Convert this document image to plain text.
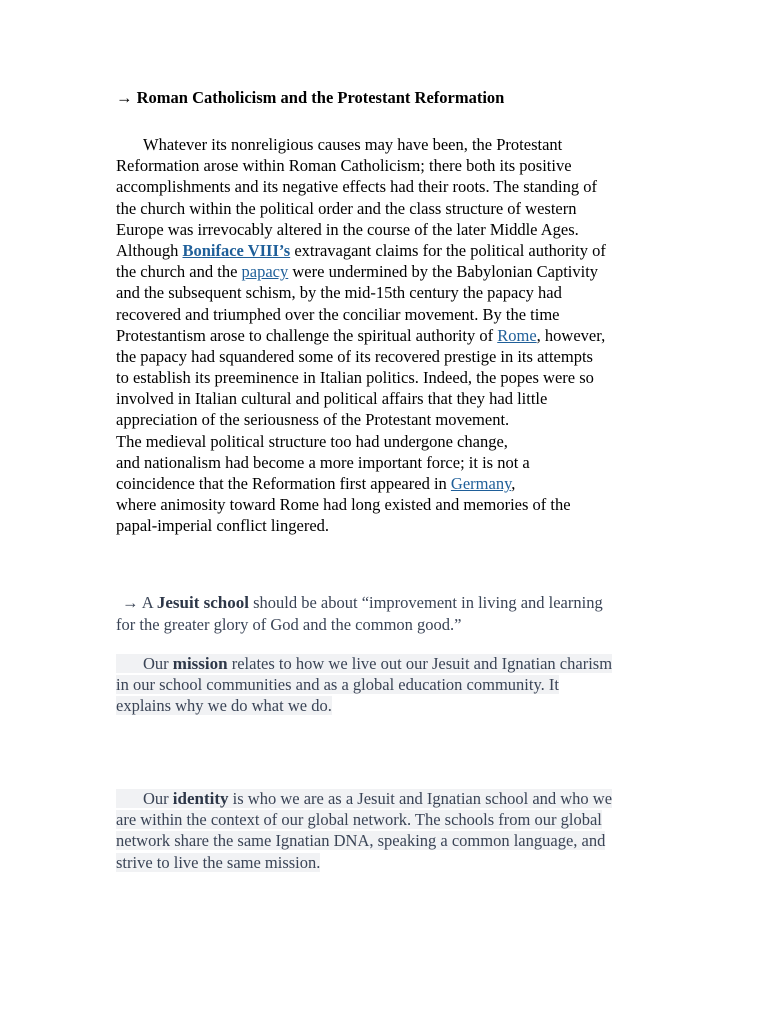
→ Roman Catholicism and the Protestant Reformation
Whatever its nonreligious causes may have been, the Protestant
Reformation arose within Roman Catholicism; there both its positive
accomplishments and its negative effects had their roots. The standing of
the church within the political order and the class structure of western
Europe was irrevocably altered in the course of the later Middle Ages.
Although Boniface VIII’s extravagant claims for the political authority of
the church and the papacy were undermined by the Babylonian Captivity
and the subsequent schism, by the mid-15th century the papacy had
recovered and triumphed over the conciliar movement. By the time
Protestantism arose to challenge the spiritual authority of Rome, however,
the papacy had squandered some of its recovered prestige in its attempts
to establish its preeminence in Italian politics. Indeed, the popes were so
involved in Italian cultural and political affairs that they had little
appreciation of the seriousness of the Protestant movement.
The medieval political structure too had undergone change,
and nationalism had become a more important force; it is not a
coincidence that the Reformation first appeared in Germany,
where animosity toward Rome had long existed and memories of the
papal-imperial conflict lingered.
→ A Jesuit school should be about “improvement in living and learning
for the greater glory of God and the common good.”
Our mission relates to how we live out our Jesuit and Ignatian charism
in our school communities and as a global education community. It
explains why we do what we do.
Our identity is who we are as a Jesuit and Ignatian school and who we
are within the context of our global network. The schools from our global
network share the same Ignatian DNA, speaking a common language, and
strive to live the same mission.
